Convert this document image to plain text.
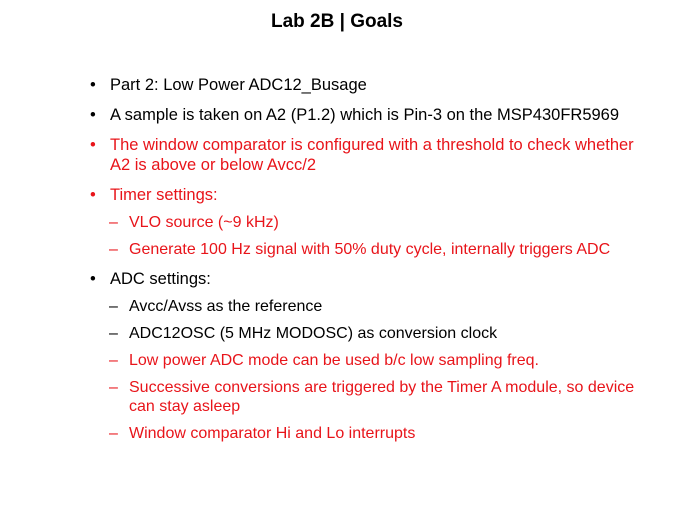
Lab 2B | Goals
• Part 2: Low Power ADC12_Busage
• A sample is taken on A2 (P1.2) which is Pin-3 on the MSP430FR5969
• The window comparator is configured with a threshold to check whether A2 is above or below Avcc/2
• Timer settings:
– VLO source (~9 kHz)
– Generate 100 Hz signal with 50% duty cycle, internally triggers ADC
• ADC settings:
– Avcc/Avss as the reference
– ADC12OSC (5 MHz MODOSC) as conversion clock
– Low power ADC mode can be used b/c low sampling freq.
– Successive conversions are triggered by the Timer A module, so device can stay asleep
– Window comparator Hi and Lo interrupts
